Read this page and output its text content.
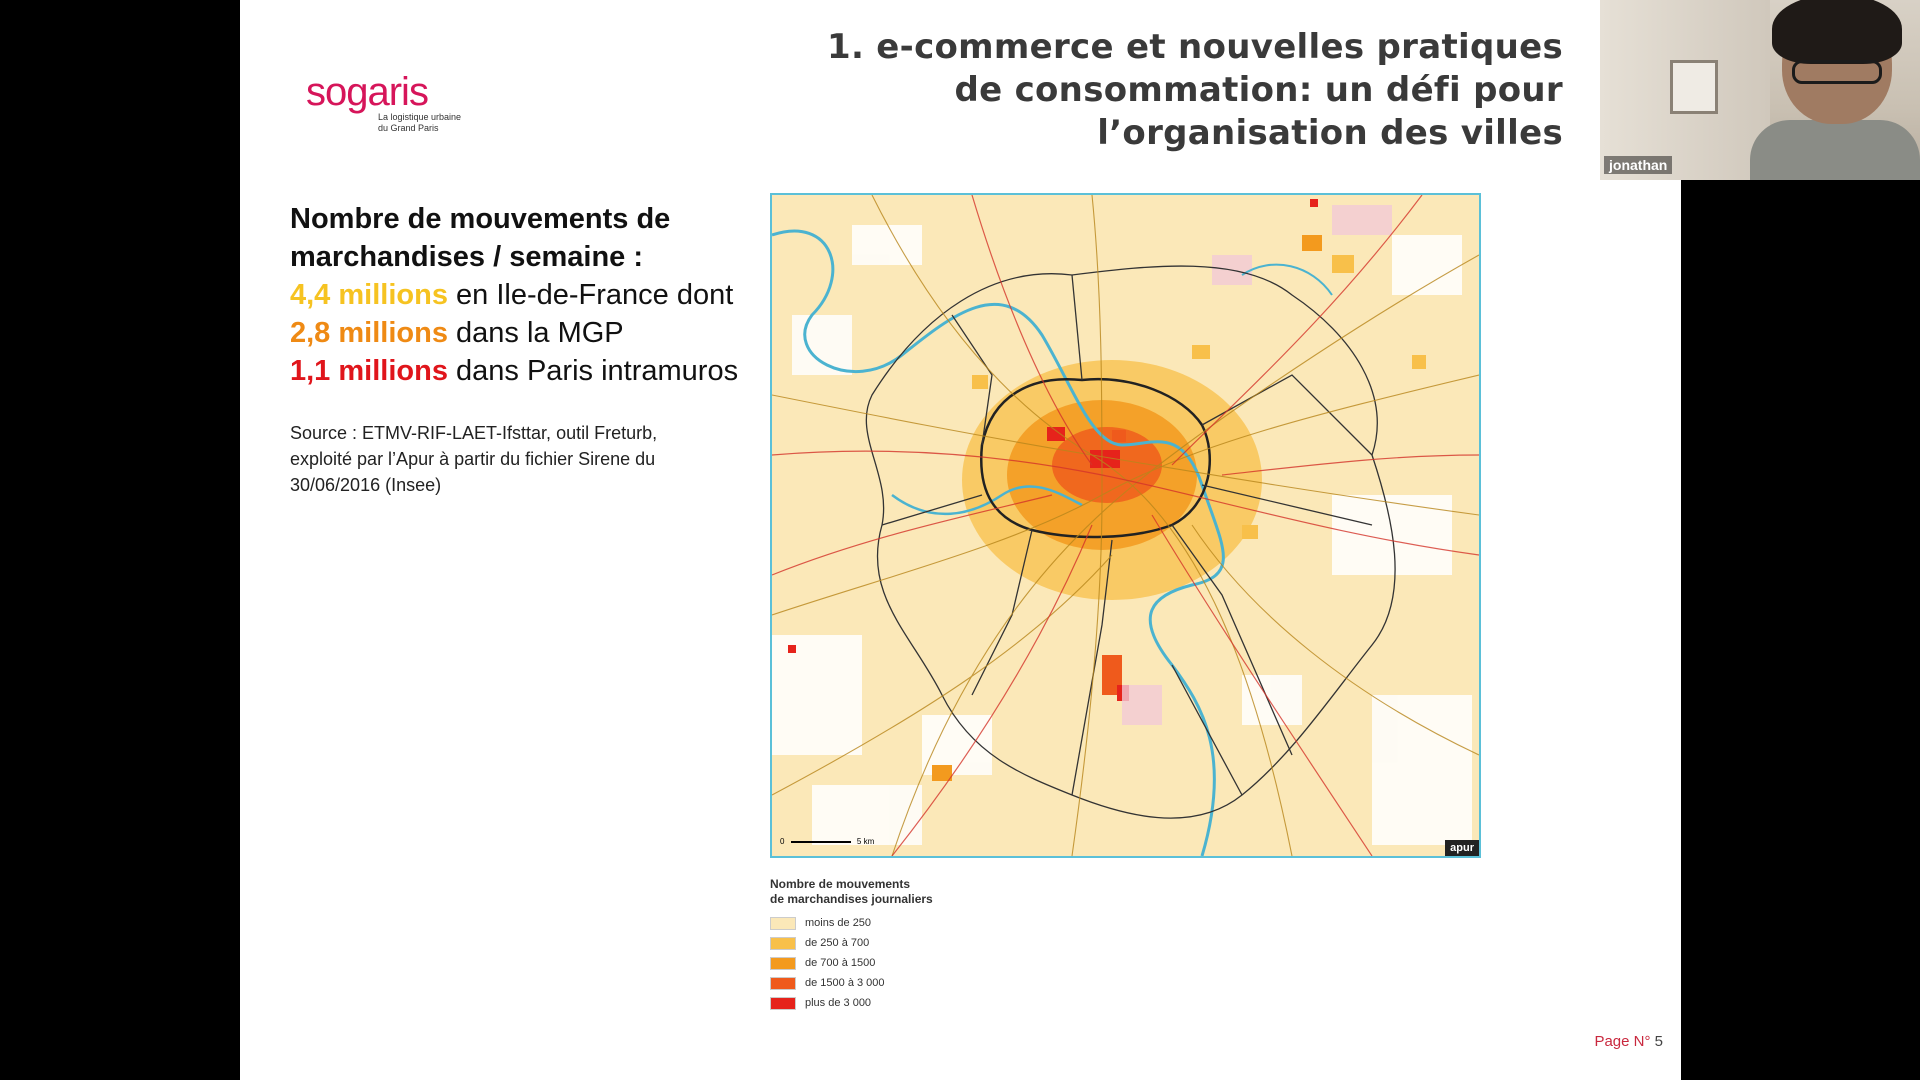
sogaris
La logistique urbaine
du Grand Paris
1. e-commerce et nouvelles pratiques
de consommation: un défi pour
l’organisation des villes
Nombre de mouvements de marchandises / semaine :
4,4 millions en Ile-de-France dont
2,8 millions dans la MGP
1,1 millions dans Paris intramuros
Source : ETMV-RIF-LAET-Ifsttar, outil Freturb, exploité par l’Apur à partir du fichier Sirene du 30/06/2016 (Insee)
0	5 km
apur
Nombre de mouvements
de marchandises journaliers
moins de 250
de 250 à 700
de 700 à 1500
de 1500 à 3 000
plus de 3 000
Page N° 5
jonathan
